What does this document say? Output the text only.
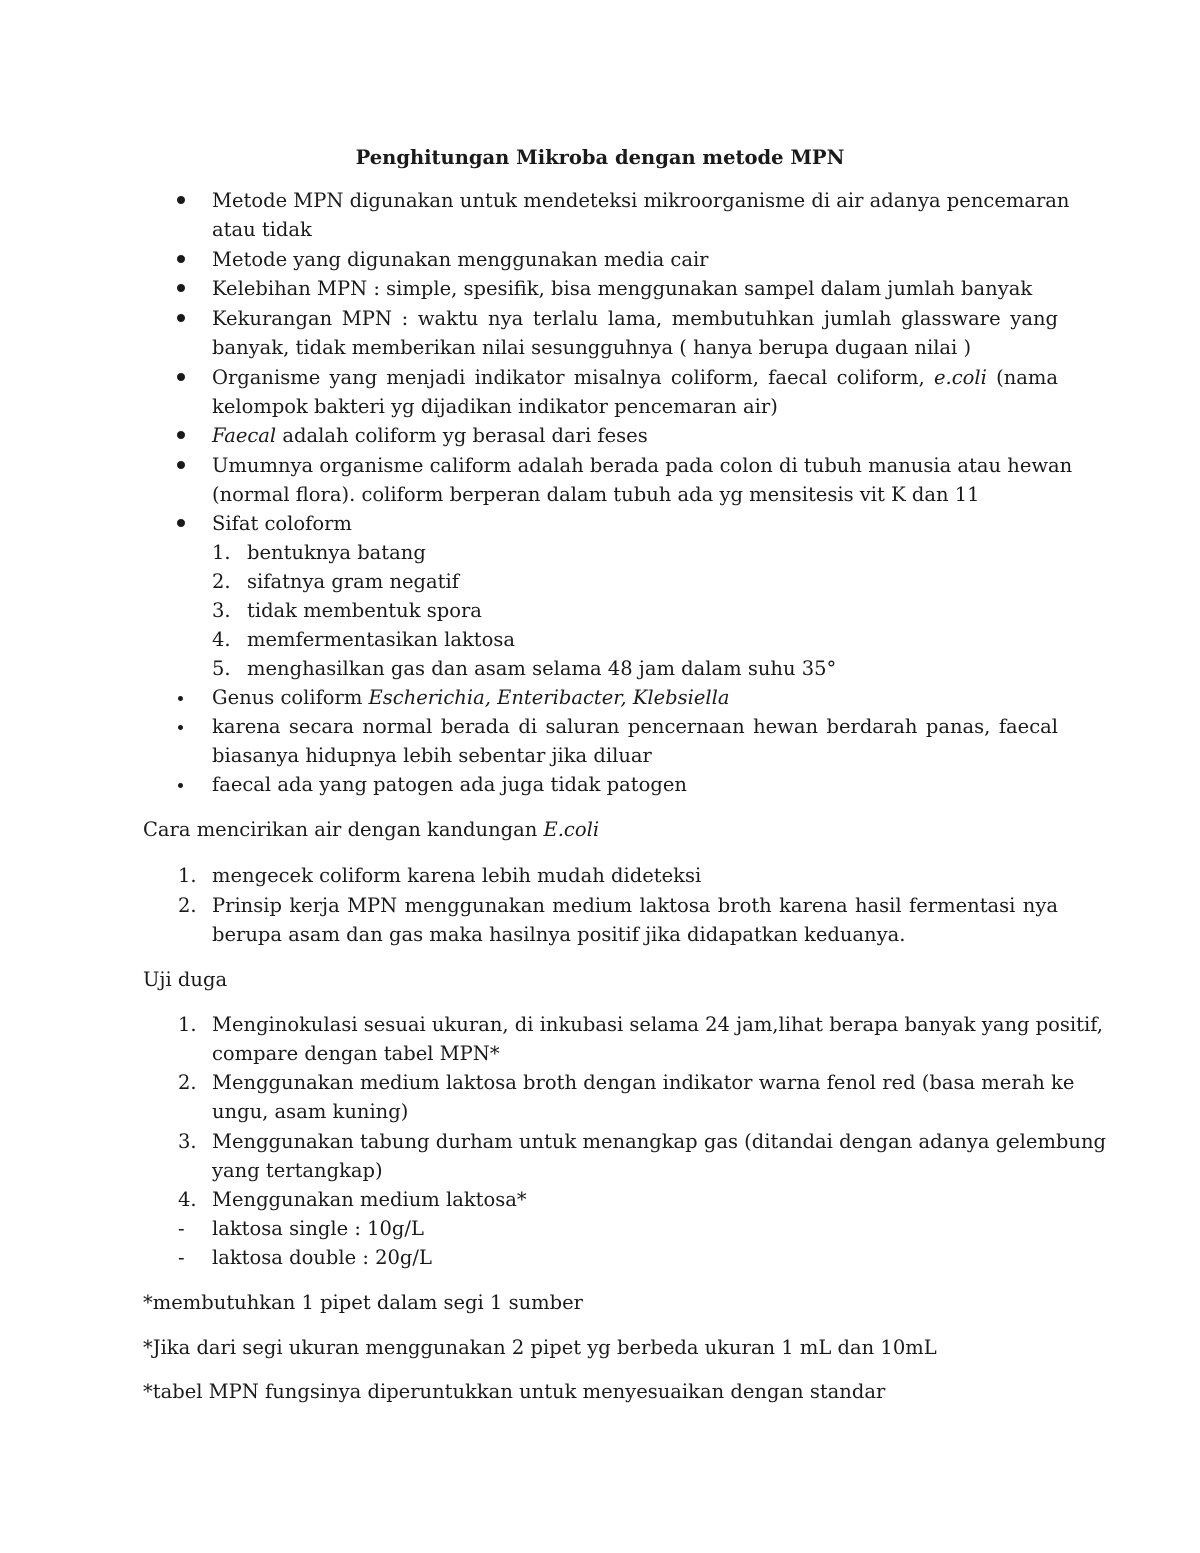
Penghitungan Mikroba dengan metode MPN
Metode MPN digunakan untuk mendeteksi mikroorganisme di air adanya pencemaran
atau tidak
Metode yang digunakan menggunakan media cair
Kelebihan MPN : simple, spesifik, bisa menggunakan sampel dalam jumlah banyak
Kekurangan MPN : waktu nya terlalu lama, membutuhkan jumlah glassware yang
banyak, tidak memberikan nilai sesungguhnya ( hanya berupa dugaan nilai )
Organisme yang menjadi indikator misalnya coliform, faecal coliform, e.coli (nama
kelompok bakteri yg dijadikan indikator pencemaran air)
Faecal adalah coliform yg berasal dari feses
Umumnya organisme caliform adalah berada pada colon di tubuh manusia atau hewan
(normal flora). coliform berperan dalam tubuh ada yg mensitesis vit K dan 11
Sifat coloform
1. bentuknya batang
2. sifatnya gram negatif
3. tidak membentuk spora
4. memfermentasikan laktosa
5. menghasilkan gas dan asam selama 48 jam dalam suhu 35°
Genus coliform Escherichia, Enteribacter, Klebsiella
karena secara normal berada di saluran pencernaan hewan berdarah panas, faecal
biasanya hidupnya lebih sebentar jika diluar
faecal ada yang patogen ada juga tidak patogen
Cara mencirikan air dengan kandungan E.coli
1. mengecek coliform karena lebih mudah dideteksi
2. Prinsip kerja MPN menggunakan medium laktosa broth karena hasil fermentasi nya
berupa asam dan gas maka hasilnya positif jika didapatkan keduanya.
Uji duga
1. Menginokulasi sesuai ukuran, di inkubasi selama 24 jam,lihat berapa banyak yang positif,
compare dengan tabel MPN*
2. Menggunakan medium laktosa broth dengan indikator warna fenol red (basa merah ke
ungu, asam kuning)
3. Menggunakan tabung durham untuk menangkap gas (ditandai dengan adanya gelembung
yang tertangkap)
4. Menggunakan medium laktosa*
- laktosa single : 10g/L
- laktosa double : 20g/L
*membutuhkan 1 pipet dalam segi 1 sumber
*Jika dari segi ukuran menggunakan 2 pipet yg berbeda ukuran 1 mL dan 10mL
*tabel MPN fungsinya diperuntukkan untuk menyesuaikan dengan standar
